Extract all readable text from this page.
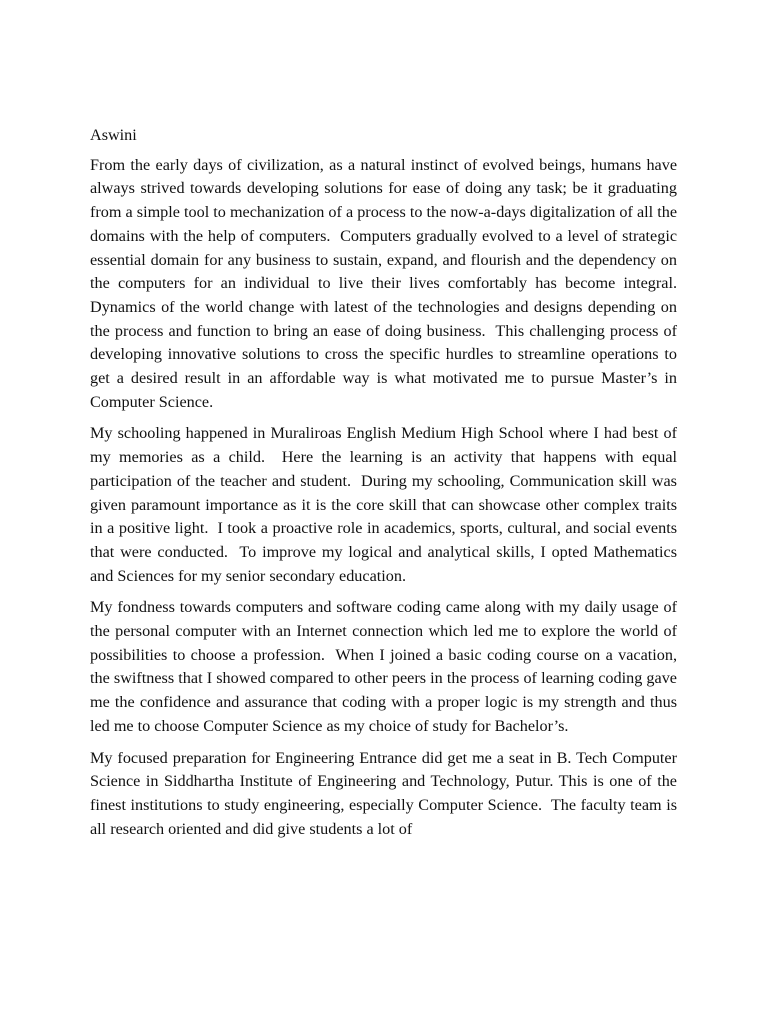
Aswini

From the early days of civilization, as a natural instinct of evolved beings, humans have always strived towards developing solutions for ease of doing any task; be it graduating from a simple tool to mechanization of a process to the now-a-days digitalization of all the domains with the help of computers.  Computers gradually evolved to a level of strategic essential domain for any business to sustain, expand, and flourish and the dependency on the computers for an individual to live their lives comfortably has become integral.  Dynamics of the world change with latest of the technologies and designs depending on the process and function to bring an ease of doing business.  This challenging process of developing innovative solutions to cross the specific hurdles to streamline operations to get a desired result in an affordable way is what motivated me to pursue Master’s in Computer Science.

My schooling happened in Muraliroas English Medium High School where I had best of my memories as a child.  Here the learning is an activity that happens with equal participation of the teacher and student.  During my schooling, Communication skill was given paramount importance as it is the core skill that can showcase other complex traits in a positive light.  I took a proactive role in academics, sports, cultural, and social events that were conducted.  To improve my logical and analytical skills, I opted Mathematics and Sciences for my senior secondary education.

My fondness towards computers and software coding came along with my daily usage of the personal computer with an Internet connection which led me to explore the world of possibilities to choose a profession.  When I joined a basic coding course on a vacation, the swiftness that I showed compared to other peers in the process of learning coding gave me the confidence and assurance that coding with a proper logic is my strength and thus led me to choose Computer Science as my choice of study for Bachelor’s.

My focused preparation for Engineering Entrance did get me a seat in B. Tech Computer Science in Siddhartha Institute of Engineering and Technology, Putur. This is one of the finest institutions to study engineering, especially Computer Science.  The faculty team is all research oriented and did give students a lot of
